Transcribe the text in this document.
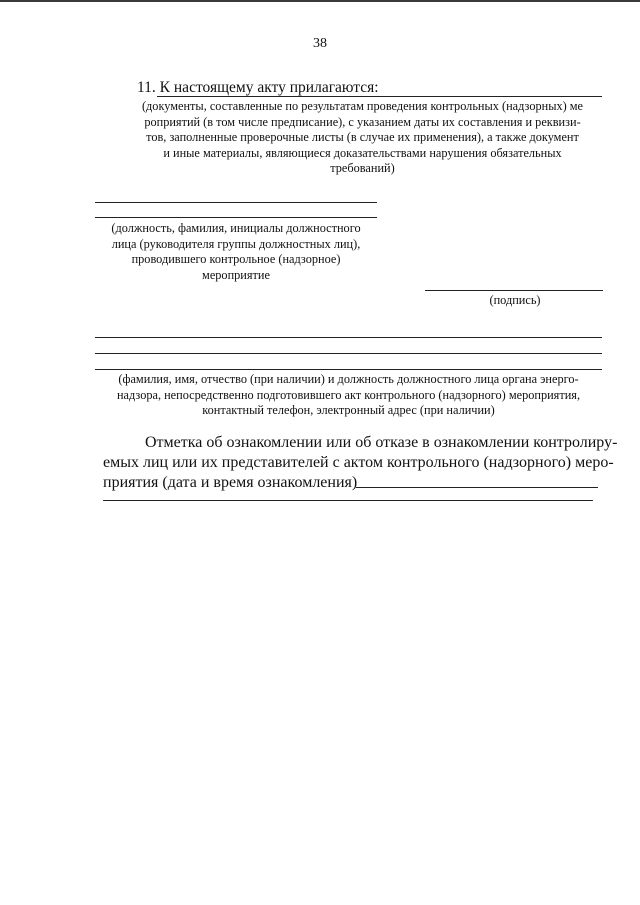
38
11. К настоящему акту прилагаются:
(документы, составленные по результатам проведения контрольных (надзорных) ме
роприятий (в том числе предписание), с указанием даты их составления и реквизи-
тов, заполненные проверочные листы (в случае их применения), а также документ
и иные материалы, являющиеся доказательствами нарушения обязательных
требований)
(должность, фамилия, инициалы должностного
лица (руководителя группы должностных лиц),
проводившего контрольное (надзорное)
мероприятие
(подпись)
(фамилия, имя, отчество (при наличии) и должность должностного лица органа энерго-
надзора, непосредственно подготовившего акт контрольного (надзорного) мероприятия,
контактный телефон, электронный адрес (при наличии)
Отметка об ознакомлении или об отказе в ознакомлении контролиру-
емых лиц или их представителей с актом контрольного (надзорного) меро-
приятия (дата и время ознакомления)
